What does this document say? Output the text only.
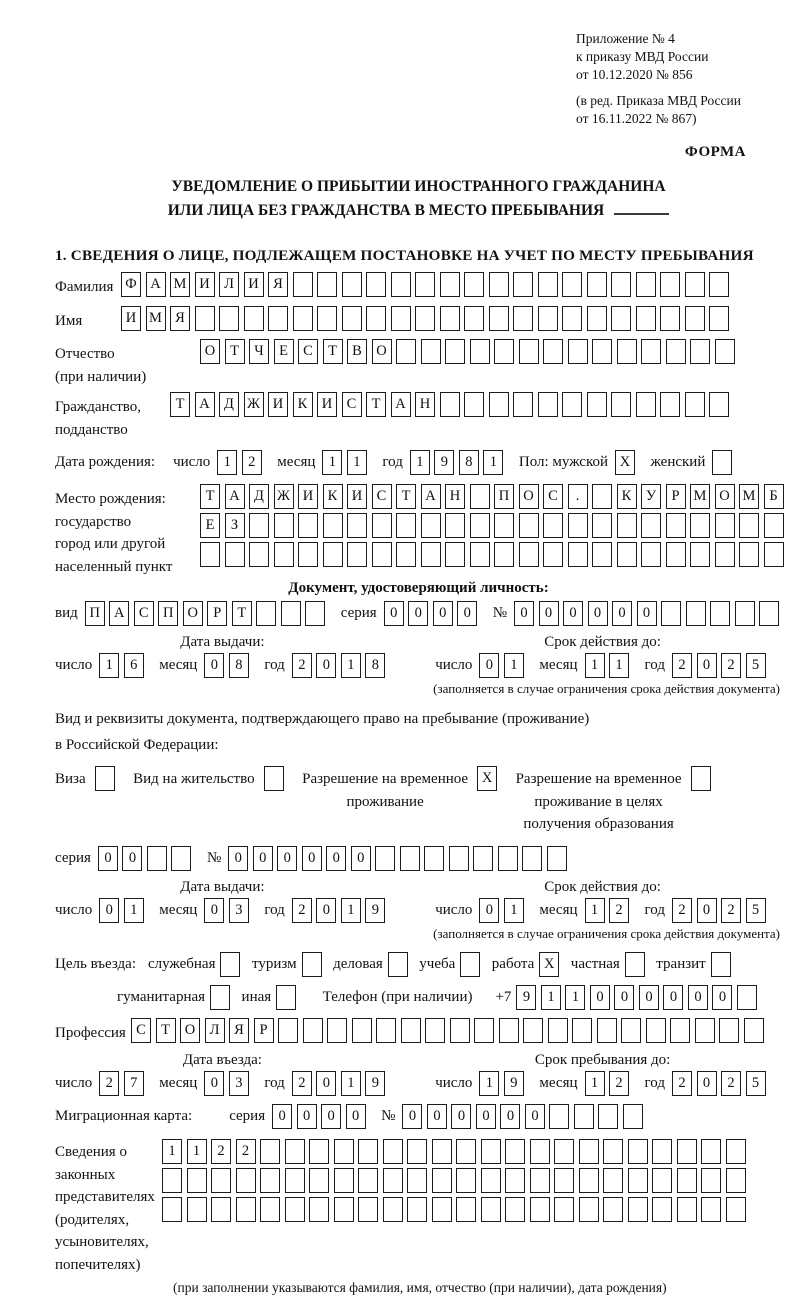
Приложение № 4
к приказу МВД России
от 10.12.2020 № 856
(в ред. Приказа МВД России
от 16.11.2022 № 867)
ФОРМА
УВЕДОМЛЕНИЕ О ПРИБЫТИИ ИНОСТРАННОГО ГРАЖДАНИНА
ИЛИ ЛИЦА БЕЗ ГРАЖДАНСТВА В МЕСТО ПРЕБЫВАНИЯ
1. СВЕДЕНИЯ О ЛИЦЕ, ПОДЛЕЖАЩЕМ ПОСТАНОВКЕ НА УЧЕТ ПО МЕСТУ ПРЕБЫВАНИЯ
Фамилия Ф А М И Л И Я
Имя	И М Я
Отчество
(при наличии)
О	Т	Ч	Е	С	Т	В О
Гражданство,
подданство
Т	А Д Ж И К И С	Т	А Н
Дата рождения: число 1	2	месяц 1	1	год 1	9	8	1	Пол: мужской X	женский
Место рождения:
государство
город или другой
населенный пункт
Т	А Д Ж И К И С	Т	А Н	П О С	.	К	У	Р М О М Б
Е	З
Документ, удостоверяющий личность:
вид П А С П О	Р	Т	серия 0	0	0	0	№ 0	0	0	0	0	0
Дата выдачи:
число 1	6	месяц 0	8	год 2	0	1	8
Срок действия до:
число 0	1	месяц 1	1	год 2	0	2	5
(заполняется в случае ограничения срока действия документа)
Вид и реквизиты документа, подтверждающего право на пребывание (проживание)
в Российской Федерации:
Виза	Вид на жительство	Разрешение на временное
проживание
X	Разрешение на временное
проживание в целях
получения образования
серия 0	0	№ 0	0	0	0	0	0
Дата выдачи:
число 0	1	месяц 0	3	год 2	0	1	9
Срок действия до:
число 0	1	месяц 1	2	год 2	0	2	5
(заполняется в случае ограничения срока действия документа)
Цель въезда: служебная туризм деловая учеба работа X	частная транзит
гуманитарная иная	Телефон (при наличии) +7 9	1	1	0	0	0	0	0	0
Профессия С	Т	О Л	Я	Р
Дата въезда:
число 2	7	месяц 0	3	год 2	0	1	9
Срок пребывания до:
число 1	9	месяц 1	2	год 2	0	2	5
Миграционная карта: серия 0	0	0	0	№ 0	0	0	0	0	0
Сведения о
законных
представителях
(родителях,
усыновителях,
попечителях)
1	1	2	2
(при заполнении указываются фамилия, имя, отчество (при наличии), дата рождения)
